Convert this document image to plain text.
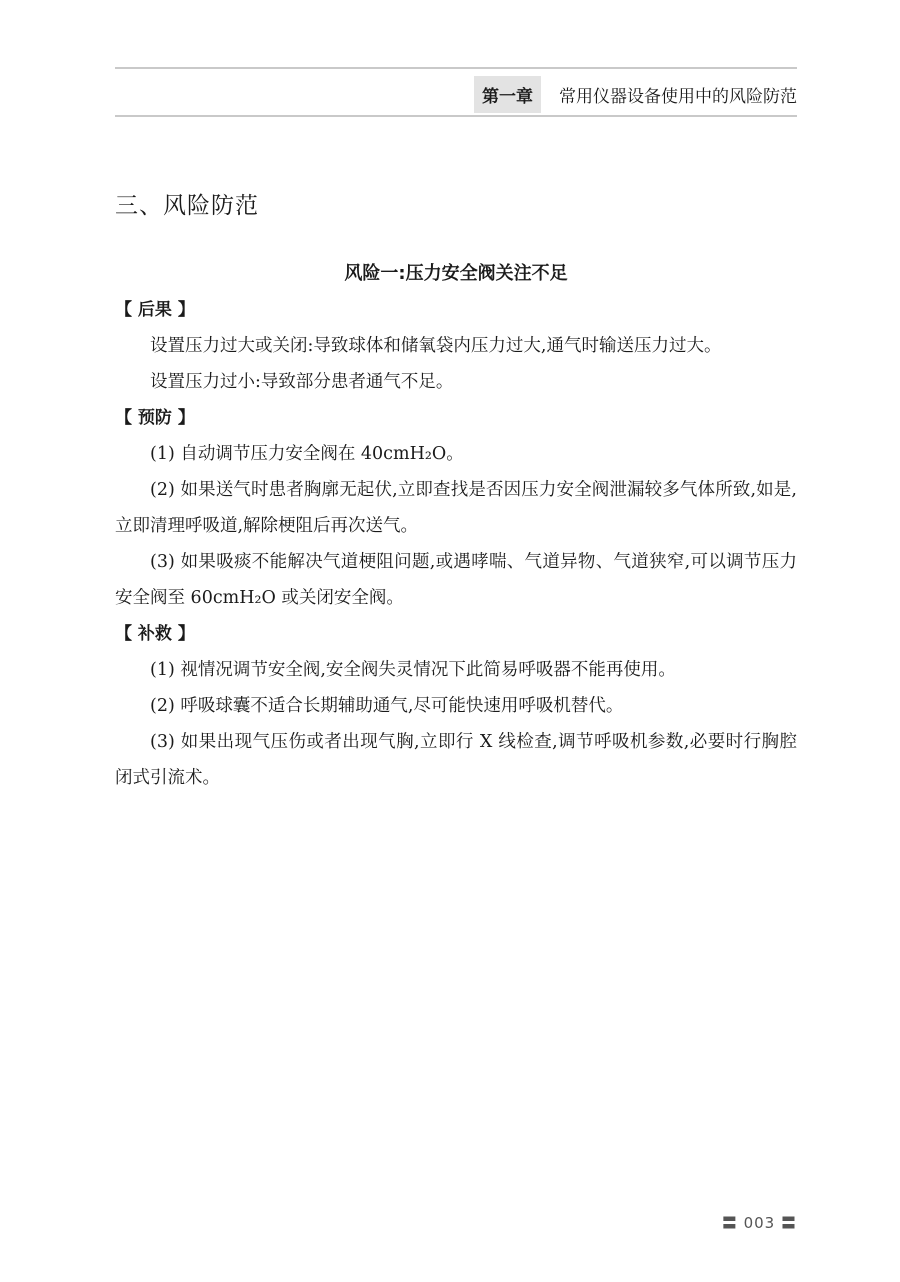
第一章	常用仪器设备使用中的风险防范
三、风险防范

风险一:压力安全阀关注不足

【 后果 】

设置压力过大或关闭:导致球体和储氧袋内压力过大,通气时输送压力过大。

设置压力过小:导致部分患者通气不足。

【 预防 】

(1) 自动调节压力安全阀在 40cmH₂O。

(2) 如果送气时患者胸廓无起伏,立即查找是否因压力安全阀泄漏较多气体所致,如是,立即清理呼吸道,解除梗阻后再次送气。

(3) 如果吸痰不能解决气道梗阻问题,或遇哮喘、气道异物、气道狭窄,可以调节压力安全阀至 60cmH₂O 或关闭安全阀。

【 补救 】

(1) 视情况调节安全阀,安全阀失灵情况下此简易呼吸器不能再使用。

(2) 呼吸球囊不适合长期辅助通气,尽可能快速用呼吸机替代。

(3) 如果出现气压伤或者出现气胸,立即行 X 线检查,调节呼吸机参数,必要时行胸腔闭式引流术。

〓 003 〓
